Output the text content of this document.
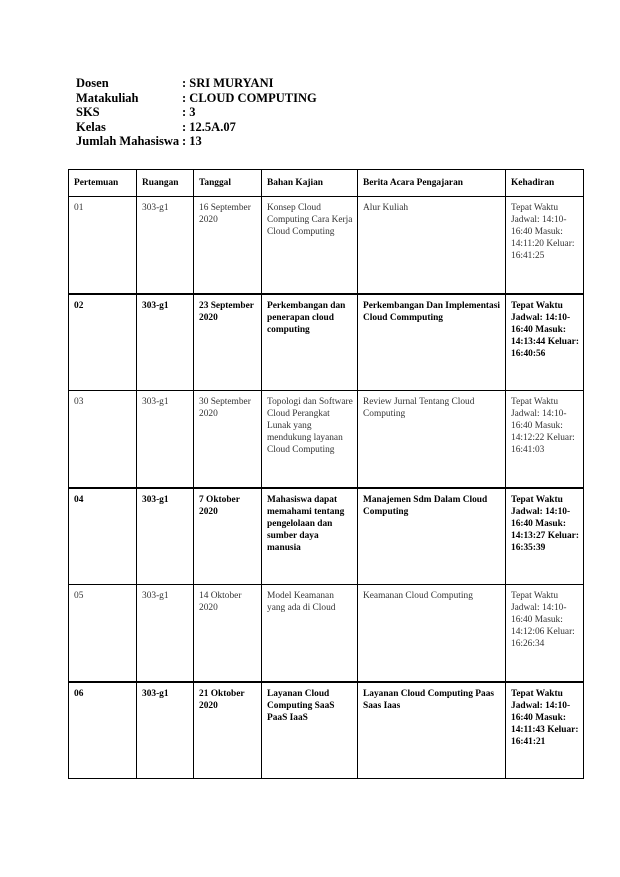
Dosen	: SRI MURYANI
Matakuliah	: CLOUD COMPUTING
SKS	: 3
Kelas	: 12.5A.07
Jumlah Mahasiswa : 13
Pertemuan	Ruangan	Tanggal	Bahan Kajian	Berita Acara Pengajaran	Kehadiran
01	303-g1	16 September 2020	Konsep Cloud Computing Cara Kerja Cloud Computing	Alur Kuliah	Tepat Waktu Jadwal: 14:10-16:40 Masuk: 14:11:20 Keluar: 16:41:25
02	303-g1	23 September 2020	Perkembangan dan penerapan cloud computing	Perkembangan Dan Implementasi Cloud Commputing	Tepat Waktu Jadwal: 14:10-16:40 Masuk: 14:13:44 Keluar: 16:40:56
03	303-g1	30 September 2020	Topologi dan Software Cloud Perangkat Lunak yang mendukung layanan Cloud Computing	Review Jurnal Tentang Cloud Computing	Tepat Waktu Jadwal: 14:10-16:40 Masuk: 14:12:22 Keluar: 16:41:03
04	303-g1	7 Oktober 2020	Mahasiswa dapat memahami tentang pengelolaan dan sumber daya manusia	Manajemen Sdm Dalam Cloud Computing	Tepat Waktu Jadwal: 14:10-16:40 Masuk: 14:13:27 Keluar: 16:35:39
05	303-g1	14 Oktober 2020	Model Keamanan yang ada di Cloud	Keamanan Cloud Computing	Tepat Waktu Jadwal: 14:10-16:40 Masuk: 14:12:06 Keluar: 16:26:34
06	303-g1	21 Oktober 2020	Layanan Cloud Computing SaaS PaaS IaaS	Layanan Cloud Computing Paas Saas Iaas	Tepat Waktu Jadwal: 14:10-16:40 Masuk: 14:11:43 Keluar: 16:41:21
